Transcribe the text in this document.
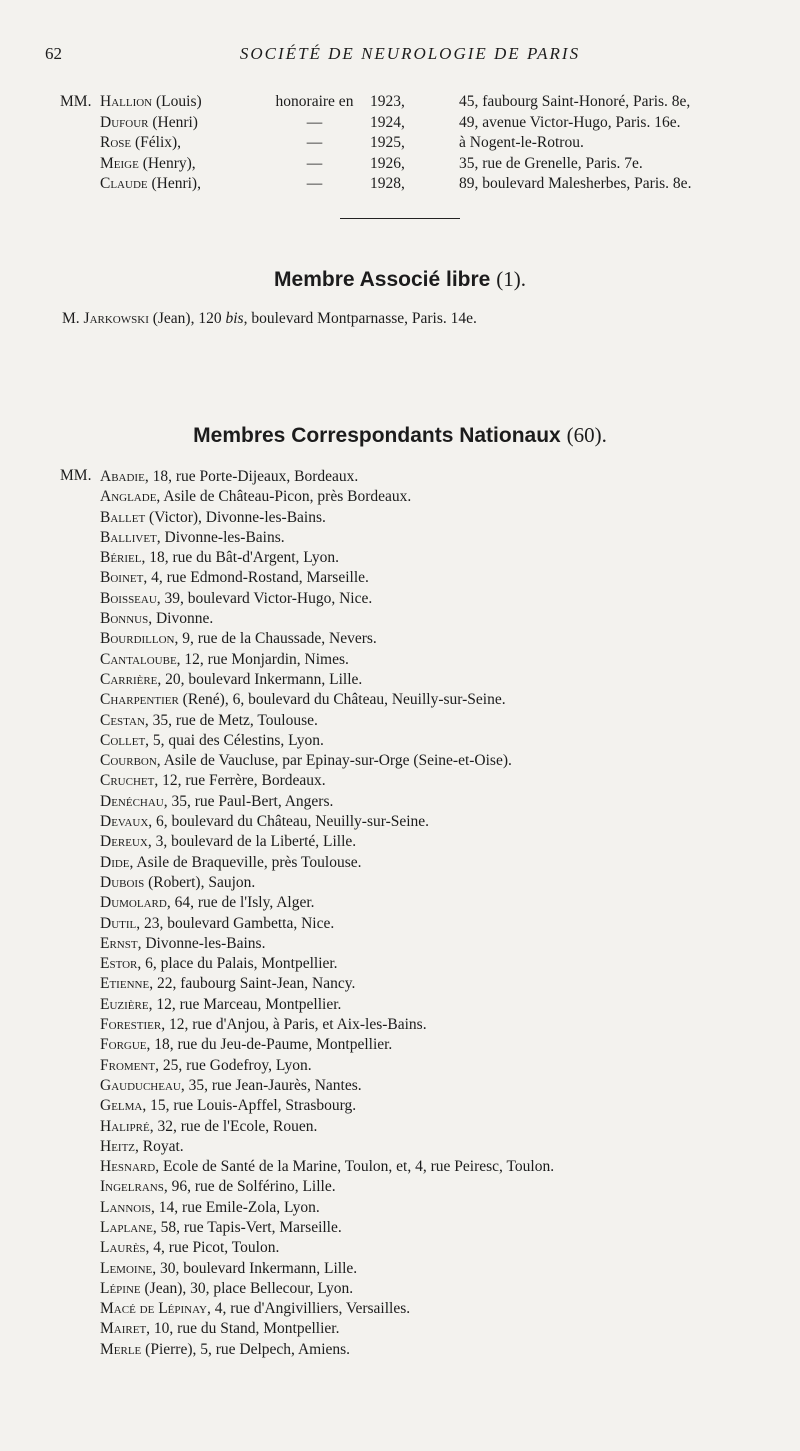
62	SOCIÉTÉ DE NEUROLOGIE DE PARIS
MM. Hallion (Louis)	honoraire en	1923,	45, faubourg Saint-Honoré, Paris. 8e,
Dufour (Henri)	—	1924,	49, avenue Victor-Hugo, Paris. 16e.
Rose (Félix),	—	1925,	à Nogent-le-Rotrou.
Meige (Henry),	—	1926,	35, rue de Grenelle, Paris. 7e.
Claude (Henri),	—	1928,	89, boulevard Malesherbes, Paris. 8e.
Membre Associé libre (1).
M. Jarkowski (Jean), 120 bis, boulevard Montparnasse, Paris. 14e.
Membres Correspondants Nationaux (60).
MM. Abadie, 18, rue Porte-Dijeaux, Bordeaux.
Anglade, Asile de Château-Picon, près Bordeaux.
Ballet (Victor), Divonne-les-Bains.
Ballivet, Divonne-les-Bains.
Bériel, 18, rue du Bât-d'Argent, Lyon.
Boinet, 4, rue Edmond-Rostand, Marseille.
Boisseau, 39, boulevard Victor-Hugo, Nice.
Bonnus, Divonne.
Bourdillon, 9, rue de la Chaussade, Nevers.
Cantaloube, 12, rue Monjardin, Nimes.
Carrière, 20, boulevard Inkermann, Lille.
Charpentier (René), 6, boulevard du Château, Neuilly-sur-Seine.
Cestan, 35, rue de Metz, Toulouse.
Collet, 5, quai des Célestins, Lyon.
Courbon, Asile de Vaucluse, par Epinay-sur-Orge (Seine-et-Oise).
Cruchet, 12, rue Ferrère, Bordeaux.
Denéchau, 35, rue Paul-Bert, Angers.
Devaux, 6, boulevard du Château, Neuilly-sur-Seine.
Dereux, 3, boulevard de la Liberté, Lille.
Dide, Asile de Braqueville, près Toulouse.
Dubois (Robert), Saujon.
Dumolard, 64, rue de l'Isly, Alger.
Dutil, 23, boulevard Gambetta, Nice.
Ernst, Divonne-les-Bains.
Estor, 6, place du Palais, Montpellier.
Etienne, 22, faubourg Saint-Jean, Nancy.
Euzière, 12, rue Marceau, Montpellier.
Forestier, 12, rue d'Anjou, à Paris, et Aix-les-Bains.
Forgue, 18, rue du Jeu-de-Paume, Montpellier.
Froment, 25, rue Godefroy, Lyon.
Gauducheau, 35, rue Jean-Jaurès, Nantes.
Gelma, 15, rue Louis-Apffel, Strasbourg.
Halipré, 32, rue de l'Ecole, Rouen.
Heitz, Royat.
Hesnard, Ecole de Santé de la Marine, Toulon, et, 4, rue Peiresc, Toulon.
Ingelrans, 96, rue de Solférino, Lille.
Lannois, 14, rue Emile-Zola, Lyon.
Laplane, 58, rue Tapis-Vert, Marseille.
Laurès, 4, rue Picot, Toulon.
Lemoine, 30, boulevard Inkermann, Lille.
Lépine (Jean), 30, place Bellecour, Lyon.
Macé de Lépinay, 4, rue d'Angivilliers, Versailles.
Mairet, 10, rue du Stand, Montpellier.
Merle (Pierre), 5, rue Delpech, Amiens.
